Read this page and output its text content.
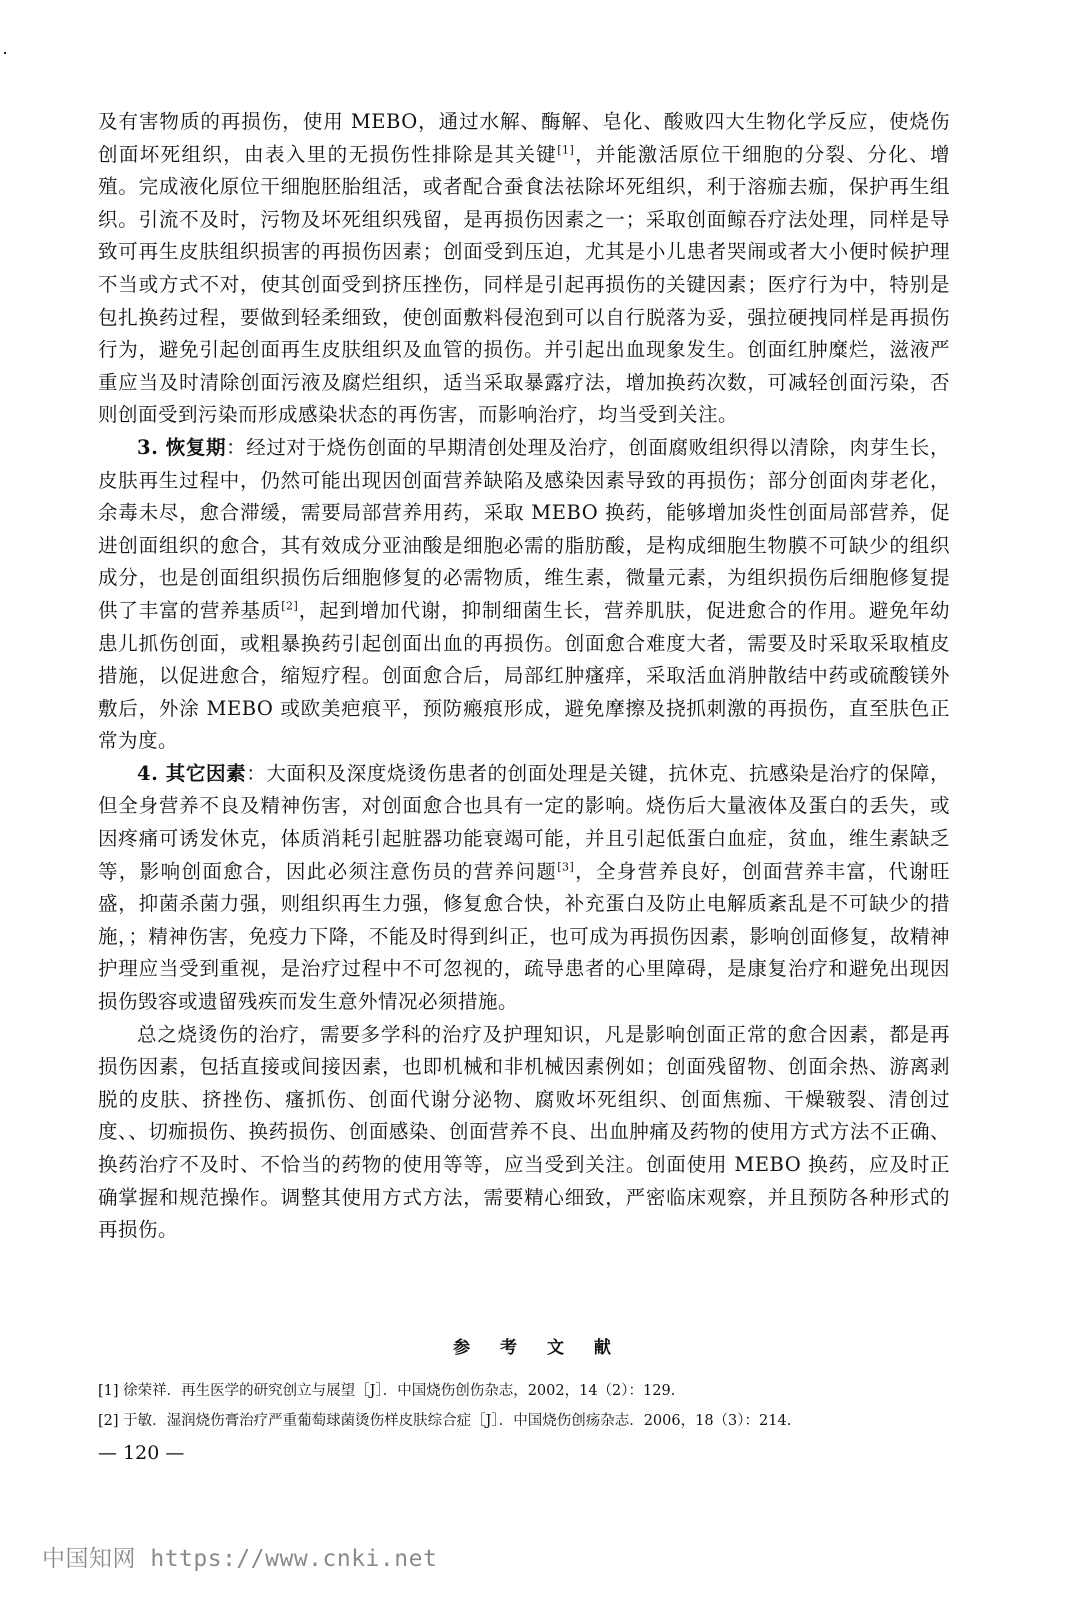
及有害物质的再损伤，使用 MEBO，通过水解、酶解、皂化、酸败四大生物化学反应，使烧伤创面坏死组织，由表入里的无损伤性排除是其关键[1]，并能激活原位干细胞的分裂、分化、增殖。完成液化原位干细胞胚胎组活，或者配合蚕食法祛除坏死组织，利于溶痂去痂，保护再生组织。引流不及时，污物及坏死组织残留，是再损伤因素之一；采取创面鲸吞疗法处理，同样是导致可再生皮肤组织损害的再损伤因素；创面受到压迫，尤其是小儿患者哭闹或者大小便时候护理不当或方式不对，使其创面受到挤压挫伤，同样是引起再损伤的关键因素；医疗行为中，特别是包扎换药过程，要做到轻柔细致，使创面敷料侵泡到可以自行脱落为妥，强拉硬拽同样是再损伤行为，避免引起创面再生皮肤组织及血管的损伤。并引起出血现象发生。创面红肿糜烂，滋液严重应当及时清除创面污液及腐烂组织，适当采取暴露疗法，增加换药次数，可减轻创面污染，否则创面受到污染而形成感染状态的再伤害，而影响治疗，均当受到关注。

3. 恢复期：经过对于烧伤创面的早期清创处理及治疗，创面腐败组织得以清除，肉芽生长，皮肤再生过程中，仍然可能出现因创面营养缺陷及感染因素导致的再损伤；部分创面肉芽老化，余毒未尽，愈合滞缓，需要局部营养用药，采取 MEBO 换药，能够增加炎性创面局部营养，促进创面组织的愈合，其有效成分亚油酸是细胞必需的脂肪酸，是构成细胞生物膜不可缺少的组织成分，也是创面组织损伤后细胞修复的必需物质，维生素，微量元素，为组织损伤后细胞修复提供了丰富的营养基质[2]，起到增加代谢，抑制细菌生长，营养肌肤，促进愈合的作用。避免年幼患儿抓伤创面，或粗暴换药引起创面出血的再损伤。创面愈合难度大者，需要及时采取采取植皮措施，以促进愈合，缩短疗程。创面愈合后，局部红肿瘙痒，采取活血消肿散结中药或硫酸镁外敷后，外涂 MEBO 或欧美疤痕平，预防瘢痕形成，避免摩擦及挠抓刺激的再损伤，直至肤色正常为度。

4. 其它因素：大面积及深度烧烫伤患者的创面处理是关键，抗休克、抗感染是治疗的保障，但全身营养不良及精神伤害，对创面愈合也具有一定的影响。烧伤后大量液体及蛋白的丢失，或因疼痛可诱发休克，体质消耗引起脏器功能衰竭可能，并且引起低蛋白血症，贫血，维生素缺乏等，影响创面愈合，因此必须注意伤员的营养问题[3]，全身营养良好，创面营养丰富，代谢旺盛，抑菌杀菌力强，则组织再生力强，修复愈合快，补充蛋白及防止电解质紊乱是不可缺少的措施，；精神伤害，免疫力下降，不能及时得到纠正，也可成为再损伤因素，影响创面修复，故精神护理应当受到重视，是治疗过程中不可忽视的，疏导患者的心里障碍，是康复治疗和避免出现因损伤毁容或遗留残疾而发生意外情况必须措施。

总之烧烫伤的治疗，需要多学科的治疗及护理知识，凡是影响创面正常的愈合因素，都是再损伤因素，包括直接或间接因素，也即机械和非机械因素例如；创面残留物、创面余热、游离剥脱的皮肤、挤挫伤、瘙抓伤、创面代谢分泌物、腐败坏死组织、创面焦痂、干燥皲裂、清创过度、、切痂损伤、换药损伤、创面感染、创面营养不良、出血肿痛及药物的使用方式方法不正确、换药治疗不及时、不恰当的药物的使用等等，应当受到关注。创面使用 MEBO 换药，应及时正确掌握和规范操作。调整其使用方式方法，需要精心细致，严密临床观察，并且预防各种形式的再损伤。

参 考 文 献
[1] 徐荣祥．再生医学的研究创立与展望［J］．中国烧伤创伤杂志，2002，14（2）：129.
[2] 于敏．湿润烧伤膏治疗严重葡萄球菌烫伤样皮肤综合症［J］．中国烧伤创疡杂志．2006，18（3）：214.
— 120 —
中国知网 https://www.cnki.net
